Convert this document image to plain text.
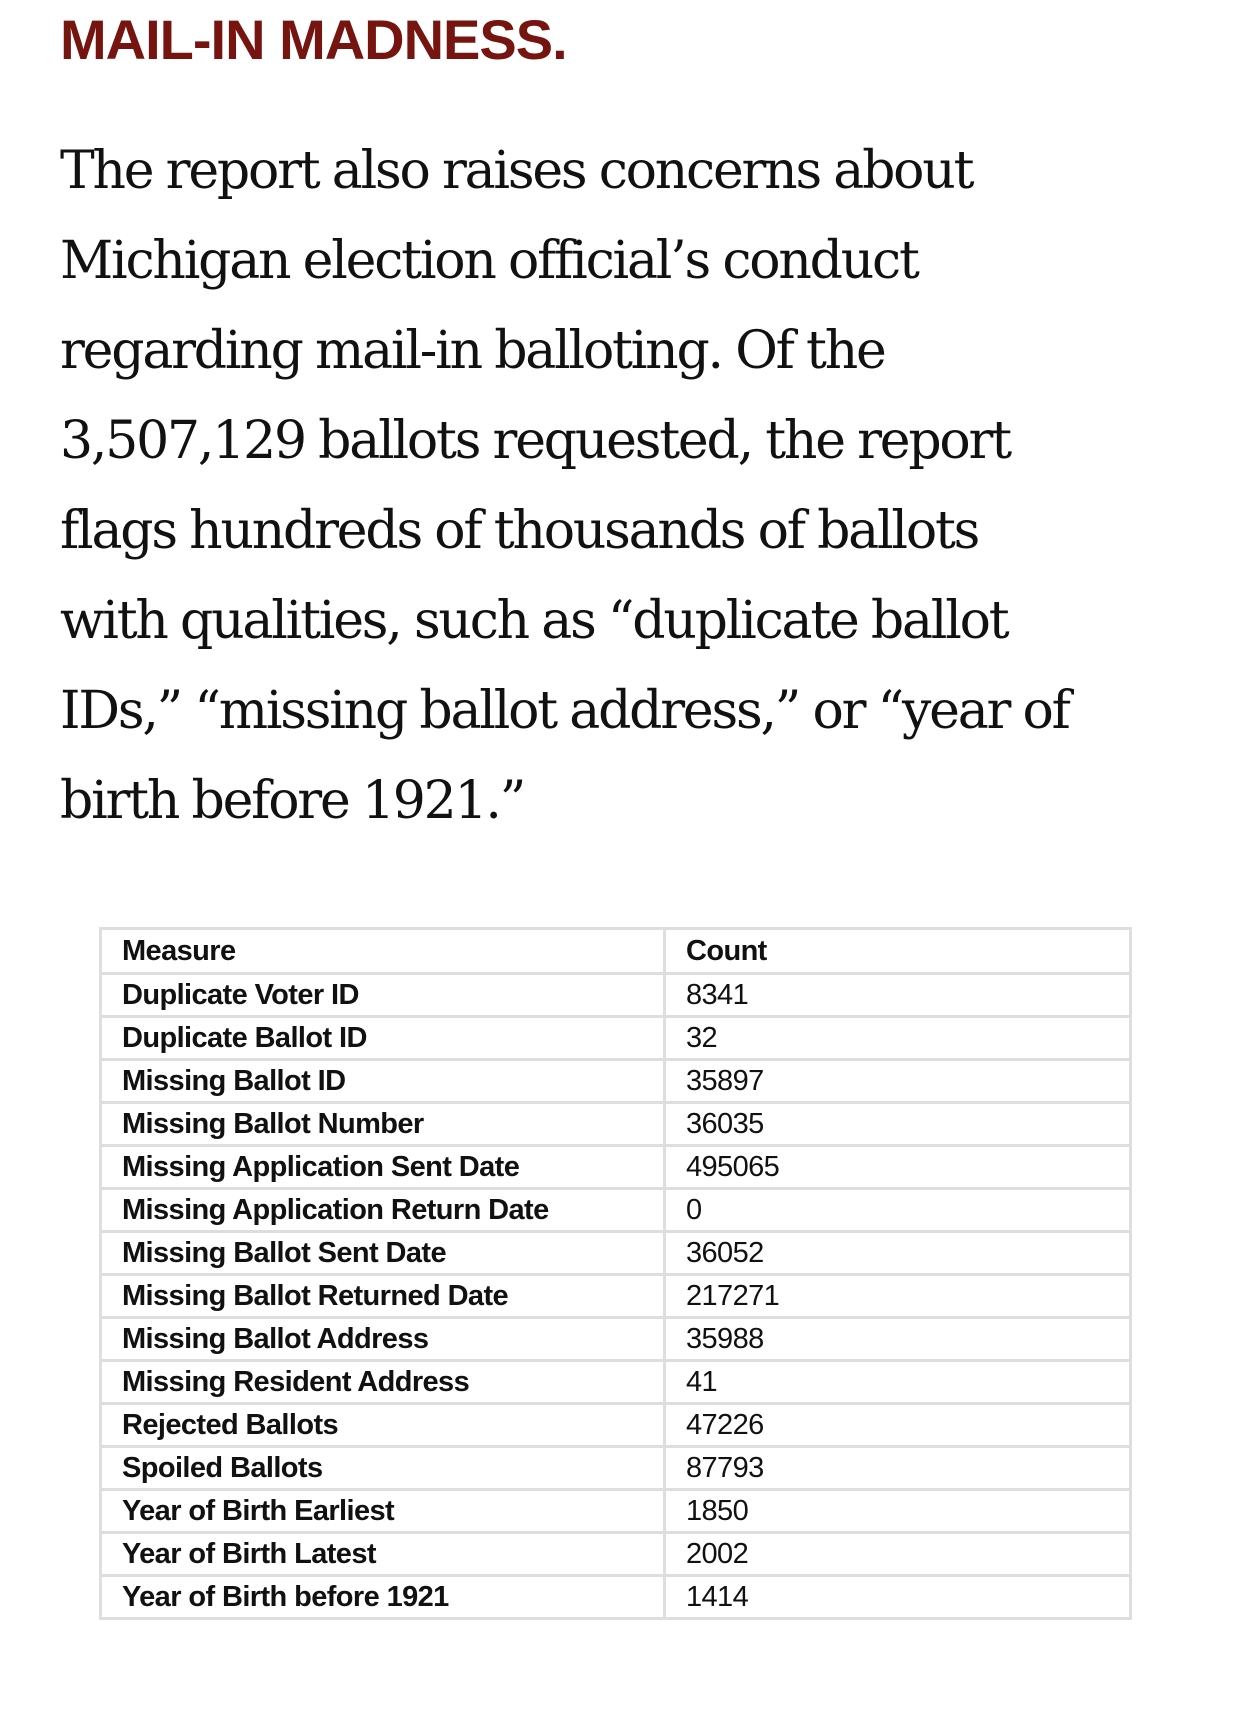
MAIL-IN MADNESS.

The report also raises concerns about
Michigan election official’s conduct
regarding mail-in balloting. Of the
3,507,129 ballots requested, the report
flags hundreds of thousands of ballots
with qualities, such as “duplicate ballot
IDs,” “missing ballot address,” or “year of
birth before 1921.”

Measure	Count
Duplicate Voter ID	8341
Duplicate Ballot ID	32
Missing Ballot ID	35897
Missing Ballot Number	36035
Missing Application Sent Date	495065
Missing Application Return Date	0
Missing Ballot Sent Date	36052
Missing Ballot Returned Date	217271
Missing Ballot Address	35988
Missing Resident Address	41
Rejected Ballots	47226
Spoiled Ballots	87793
Year of Birth Earliest	1850
Year of Birth Latest	2002
Year of Birth before 1921	1414
